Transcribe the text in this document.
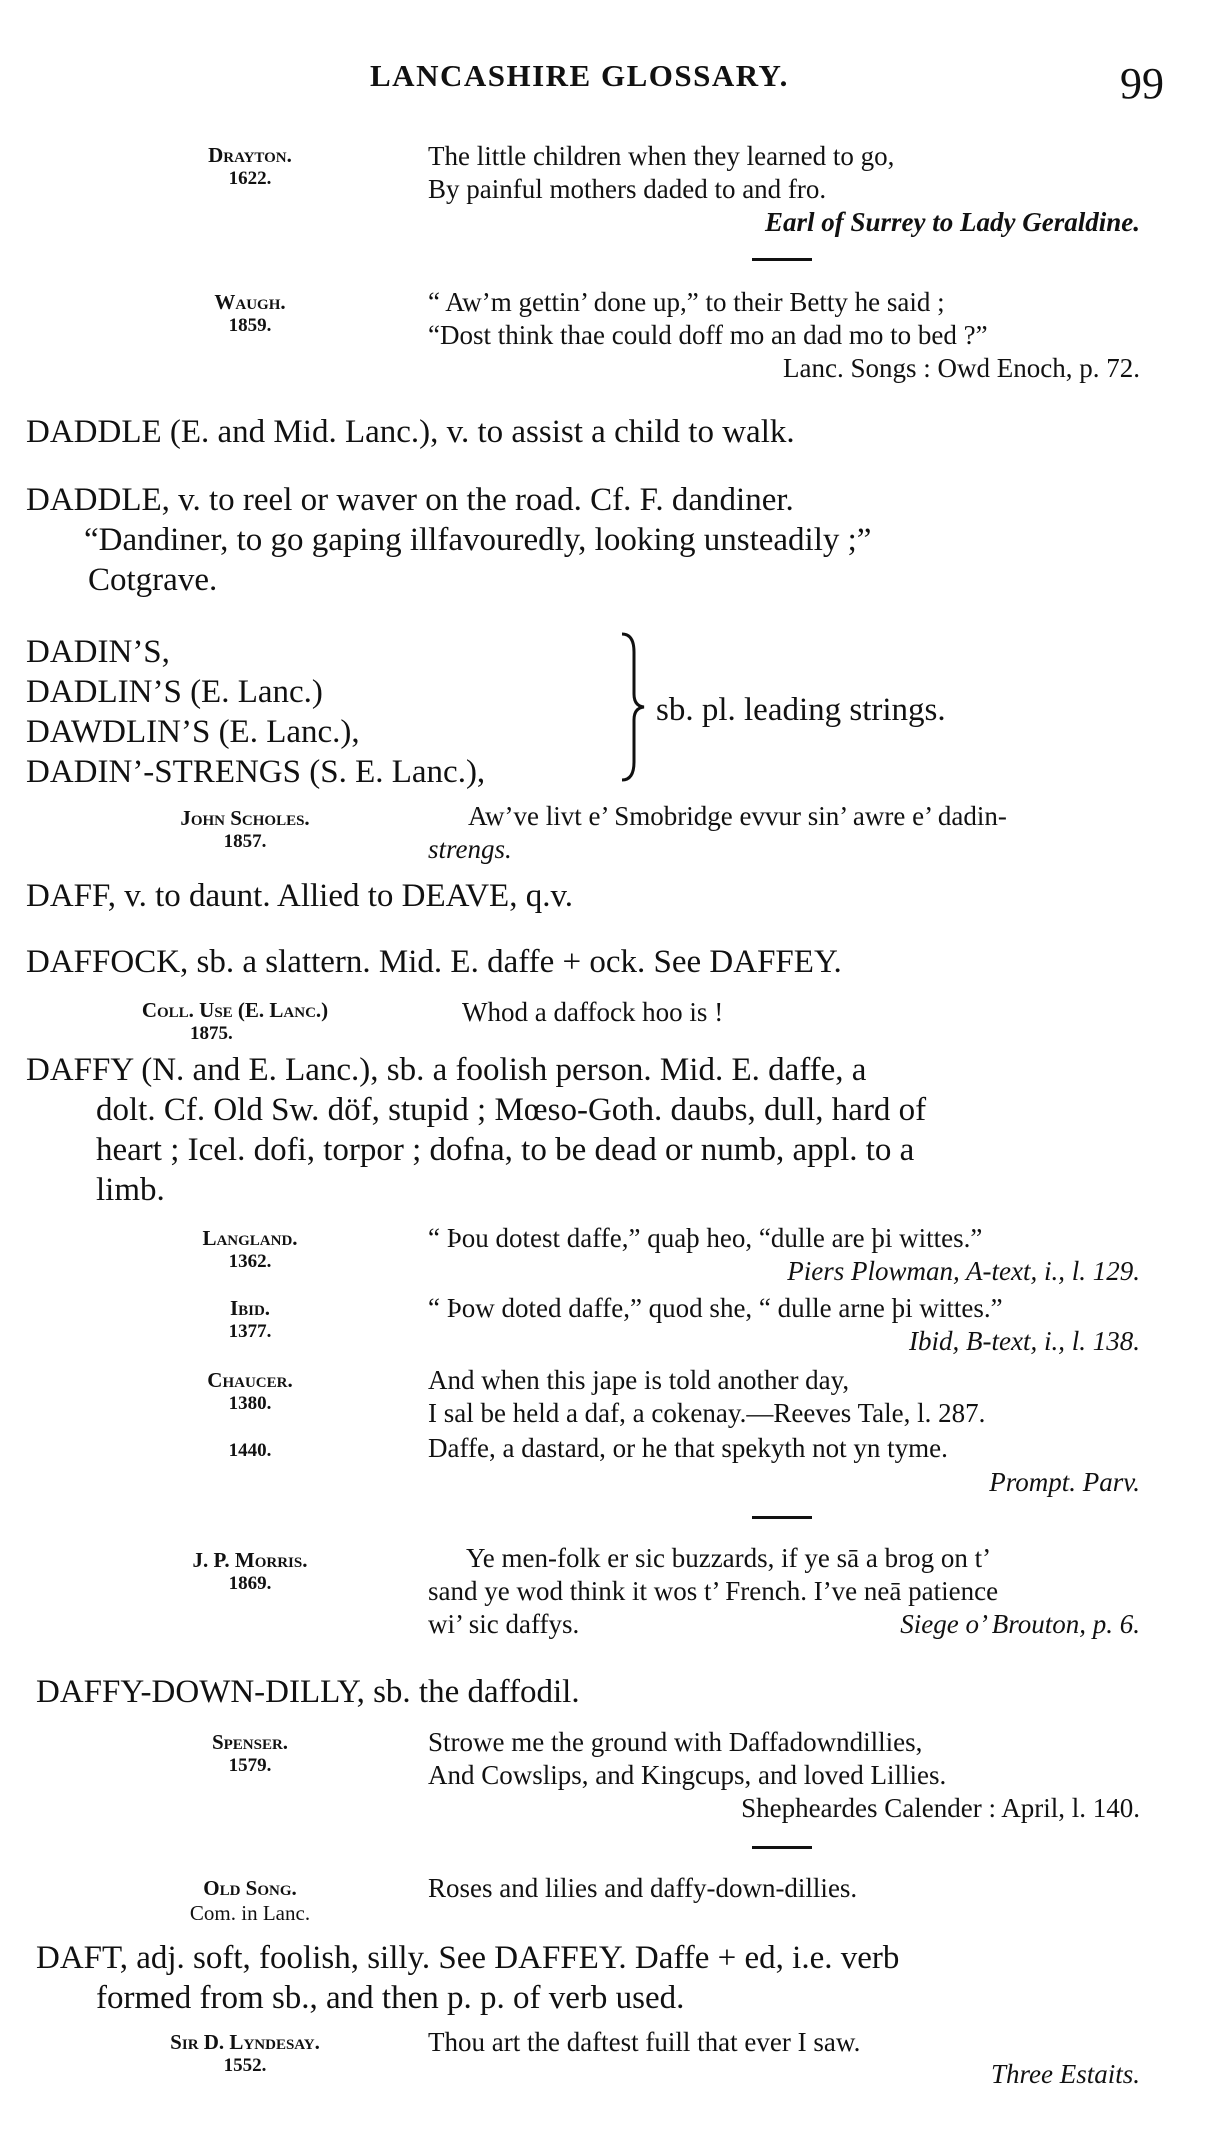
LANCASHIRE GLOSSARY.	99
Drayton.
1622.
The little children when they learned to go,
By painful mothers daded to and fro.
Earl of Surrey to Lady Geraldine.
Waugh.
1859.
“ Aw’m gettin’ done up,” to their Betty he said ;
“Dost think thae could doff mo an dad mo to bed ?”
Lanc. Songs : Owd Enoch, p. 72.
DADDLE (E. and Mid. Lanc.), v. to assist a child to walk.
DADDLE, v. to reel or waver on the road. Cf. F. dandiner.
“Dandiner, to go gaping illfavouredly, looking unsteadily ;”
Cotgrave.
DADIN’S,
DADLIN’S (E. Lanc.)
DAWDLIN’S (E. Lanc.),
DADIN’-STRENGS (S. E. Lanc.),
sb. pl. leading strings.
John Scholes.
1857.
Aw’ve livt e’ Smobridge evvur sin’ awre e’ dadin-
strengs.
DAFF, v. to daunt. Allied to DEAVE, q.v.
DAFFOCK, sb. a slattern. Mid. E. daffe + ock. See DAFFEY.
Coll. Use (E. Lanc.)
1875.
Whod a daffock hoo is !
DAFFY (N. and E. Lanc.), sb. a foolish person. Mid. E. daffe, a
dolt. Cf. Old Sw. döf, stupid ; Mœso-Goth. daubs, dull, hard of
heart ; Icel. dofi, torpor ; dofna, to be dead or numb, appl. to a
limb.
Langland.
1362.
“ Þou dotest daffe,” quaþ heo, “dulle are þi wittes.”
Piers Plowman, A-text, i., l. 129.
Ibid.
1377.
“ Þow doted daffe,” quod she, “ dulle arne þi wittes.”
Ibid, B-text, i., l. 138.
Chaucer.
1380.
And when this jape is told another day,
I sal be held a daf, a cokenay.—Reeves Tale, l. 287.
1440.	Daffe, a dastard, or he that spekyth not yn tyme.
Prompt. Parv.
J. P. Morris.
1869.
Ye men-folk er sic buzzards, if ye sā a brog on t’
sand ye wod think it wos t’ French. I’ve neā patience
wi’ sic daffys.	Siege o’ Brouton, p. 6.
DAFFY-DOWN-DILLY, sb. the daffodil.
Spenser.
1579.
Strowe me the ground with Daffadowndillies,
And Cowslips, and Kingcups, and loved Lillies.
Shepheardes Calender : April, l. 140.
Old Song.
Com. in Lanc.
Roses and lilies and daffy-down-dillies.
DAFT, adj. soft, foolish, silly. See DAFFEY. Daffe + ed, i.e. verb
formed from sb., and then p. p. of verb used.
Sir D. Lyndesay.
1552.
Thou art the daftest fuill that ever I saw.
Three Estaits.
